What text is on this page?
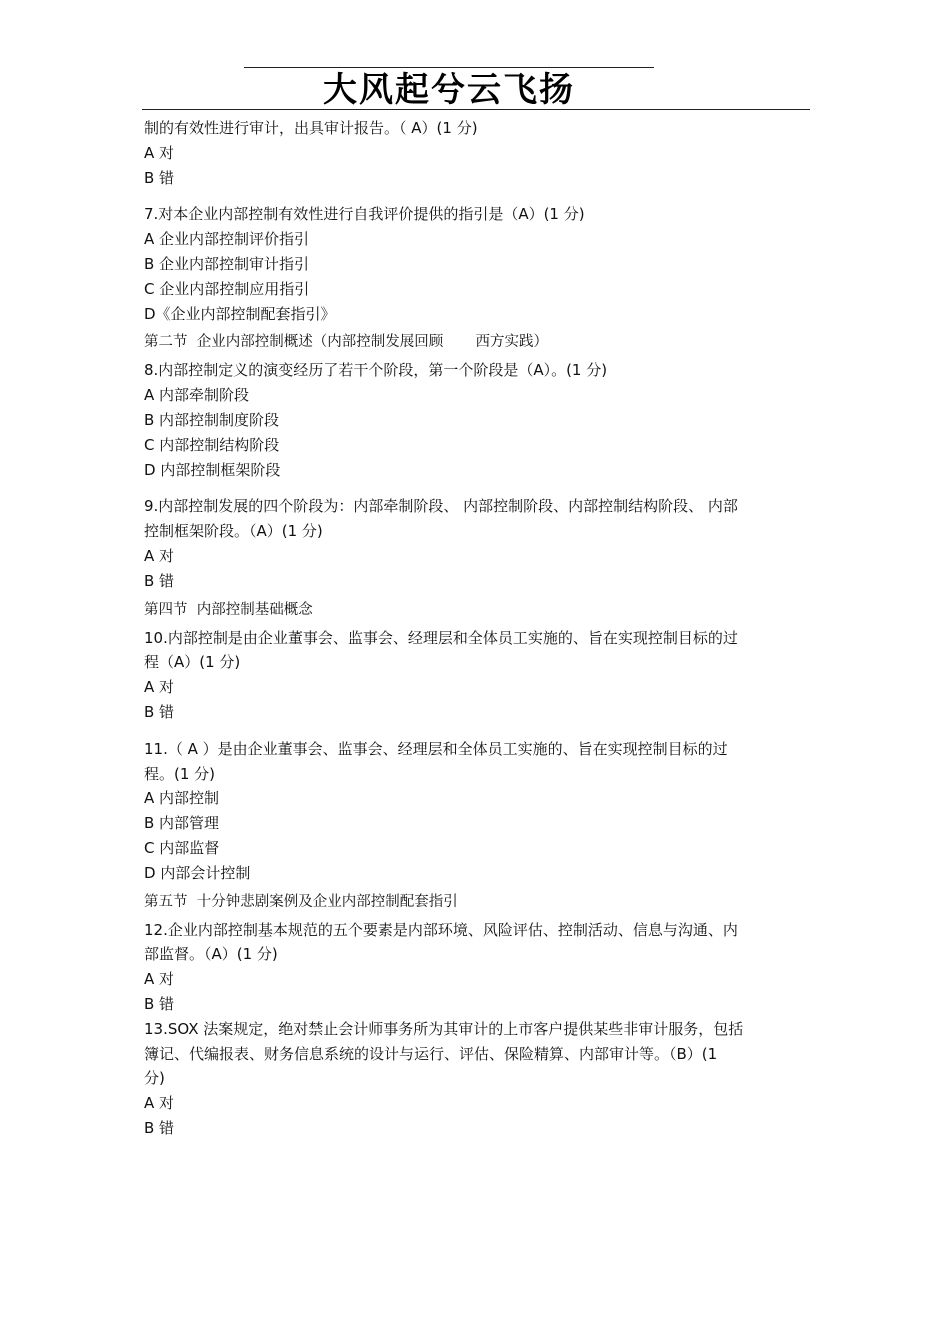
大风起兮云飞扬
制的有效性进行审计，出具审计报告。（ A）(1 分)
A 对
B 错
7.对本企业内部控制有效性进行自我评价提供的指引是（A）(1 分)
A 企业内部控制评价指引
B 企业内部控制审计指引
C 企业内部控制应用指引
D《企业内部控制配套指引》
第二节  企业内部控制概述（内部控制发展回顾       西方实践）
8.内部控制定义的演变经历了若干个阶段，第一个阶段是（A）。(1 分)
A 内部牵制阶段
B 内部控制制度阶段
C 内部控制结构阶段
D 内部控制框架阶段
9.内部控制发展的四个阶段为：内部牵制阶段、 内部控制阶段、内部控制结构阶段、 内部
控制框架阶段。（A）(1 分)
A 对
B 错
第四节  内部控制基础概念
10.内部控制是由企业董事会、监事会、经理层和全体员工实施的、旨在实现控制目标的过
程（A）(1 分)
A 对
B 错
11.（ A ）是由企业董事会、监事会、经理层和全体员工实施的、旨在实现控制目标的过
程。(1 分)
A 内部控制
B 内部管理
C 内部监督
D 内部会计控制
第五节  十分钟悲剧案例及企业内部控制配套指引
12.企业内部控制基本规范的五个要素是内部环境、风险评估、控制活动、信息与沟通、内
部监督。（A）(1 分)
A 对
B 错
13.SOX 法案规定，绝对禁止会计师事务所为其审计的上市客户提供某些非审计服务，包括
簿记、代编报表、财务信息系统的设计与运行、评估、保险精算、内部审计等。（B）(1
分)
A 对
B 错
